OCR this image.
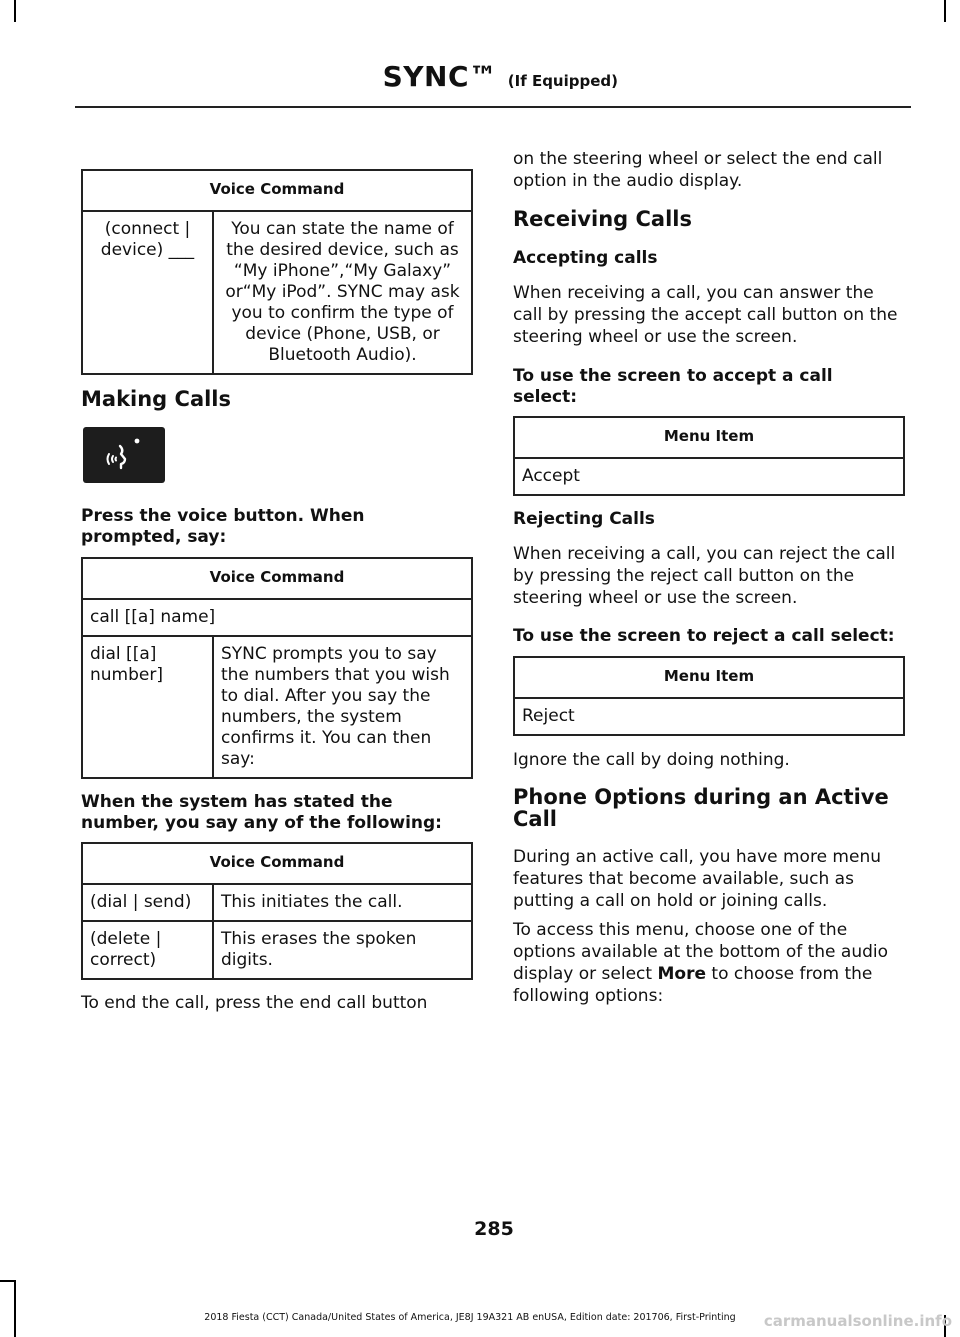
SYNC™ (If Equipped)
Voice Command
(connect | device) ___	You can state the name of the desired device, such as “My iPhone”,“My Galaxy” or“My iPod”. SYNC may ask you to confirm the type of device (Phone, USB, or Bluetooth Audio).
Making Calls
Press the voice button. When prompted, say:
Voice Command
call [[a] name]
dial [[a] number]	SYNC prompts you to say the numbers that you wish to dial. After you say the numbers, the system confirms it. You can then say:
When the system has stated the number, you say any of the following:
Voice Command	
(dial | send)	This initiates the call.
(delete | correct)	This erases the spoken digits.

To end the call, press the end call button

on the steering wheel or select the end call option in the audio display.

Receiving Calls
Accepting calls

When receiving a call, you can answer the call by pressing the accept call button on the steering wheel or use the screen.

To use the screen to accept a call select:
Menu Item
Accept
Rejecting Calls

When receiving a call, you can reject the call by pressing the reject call button on the steering wheel or use the screen.

To use the screen to reject a call select:
Menu Item
Reject

Ignore the call by doing nothing.

Phone Options during an Active Call

During an active call, you have more menu features that become available, such as putting a call on hold or joining calls.

To access this menu, choose one of the options available at the bottom of the audio display or select More to choose from the following options:

285
2018 Fiesta (CCT) Canada/United States of America, JE8J 19A321 AB enUSA, Edition date: 201706, First-Printing	carmanualsonline.info
